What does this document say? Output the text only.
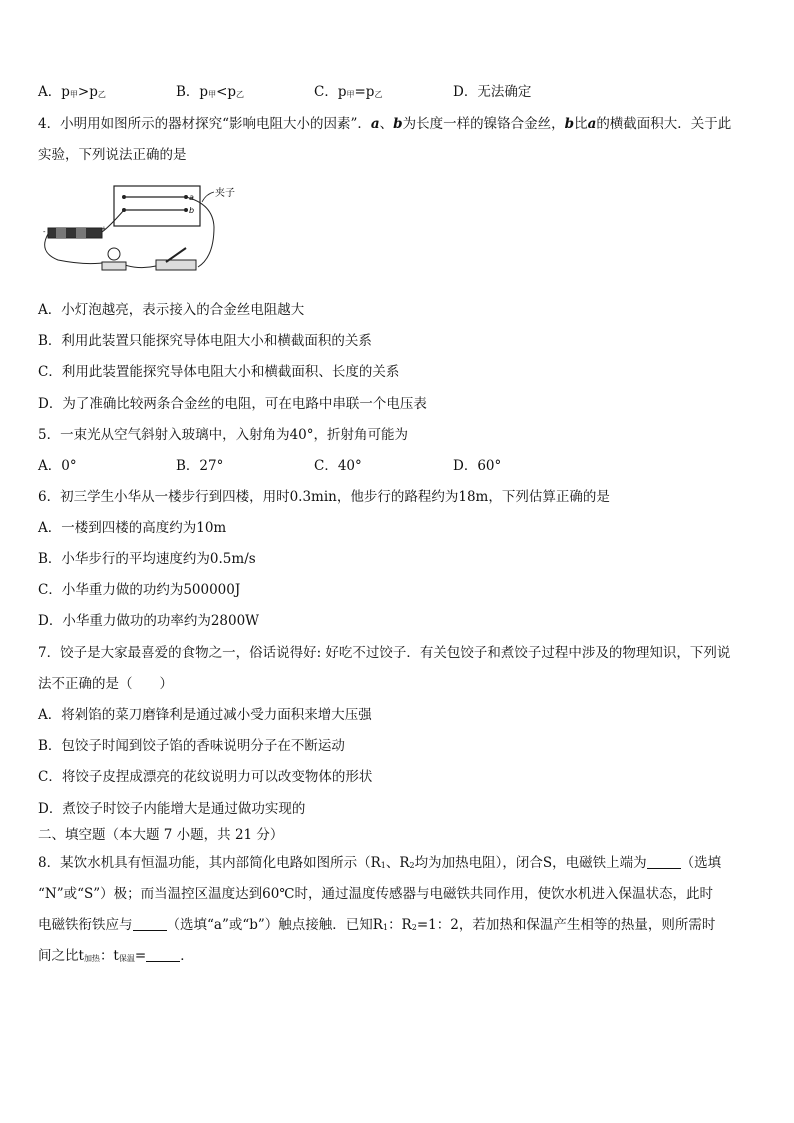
A．p甲>p乙	B．p甲<p乙	C．p甲=p乙	D．无法确定
4．小明用如图所示的器材探究“影响电阻大小的因素”．a、b为长度一样的镍铬合金丝，b比a的横截面积大．关于此
实验，下列说法正确的是
a
b
夹子
-	+
A．小灯泡越亮，表示接入的合金丝电阻越大
B．利用此装置只能探究导体电阻大小和横截面积的关系
C．利用此装置能探究导体电阻大小和横截面积、长度的关系
D．为了准确比较两条合金丝的电阻，可在电路中串联一个电压表
5．一束光从空气斜射入玻璃中，入射角为40°，折射角可能为
A．0°	B．27°	C．40°	D．60°
6．初三学生小华从一楼步行到四楼，用时0.3min，他步行的路程约为18m，下列估算正确的是
A．一楼到四楼的高度约为10m
B．小华步行的平均速度约为0.5m/s
C．小华重力做的功约为500000J
D．小华重力做功的功率约为2800W
7．饺子是大家最喜爱的食物之一，俗话说得好: 好吃不过饺子．有关包饺子和煮饺子过程中涉及的物理知识，下列说
法不正确的是（　　）
A．将剁馅的菜刀磨锋利是通过减小受力面积来增大压强
B．包饺子时闻到饺子馅的香味说明分子在不断运动
C．将饺子皮捏成漂亮的花纹说明力可以改变物体的形状
D．煮饺子时饺子内能增大是通过做功实现的
二、填空题（本大题 7 小题，共 21 分）
8．某饮水机具有恒温功能，其内部简化电路如图所示（R1、R2均为加热电阻），闭合S，电磁铁上端为	（选填
“N”或“S”）极；而当温控区温度达到60℃时，通过温度传感器与电磁铁共同作用，使饮水机进入保温状态，此时
电磁铁衔铁应与	（选填“a”或“b”）触点接触．已知R1：R2=1：2，若加热和保温产生相等的热量，则所需时
间之比t加热：t保温=	．
